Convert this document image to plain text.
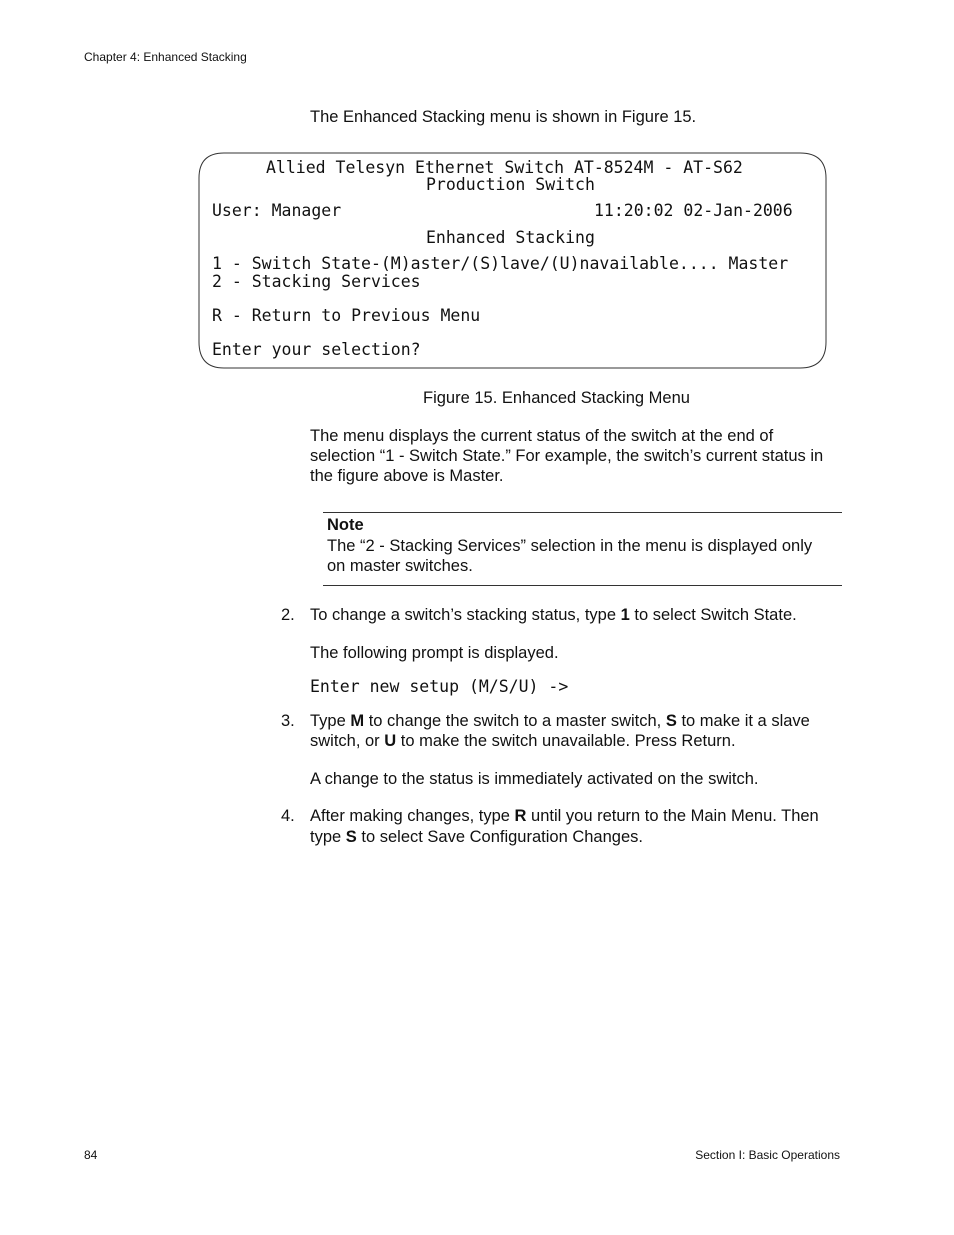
Chapter 4: Enhanced Stacking
The Enhanced Stacking menu is shown in Figure 15.
Allied Telesyn Ethernet Switch AT-8524M - AT-S62
Production Switch
User: Manager	11:20:02 02-Jan-2006
Enhanced Stacking
1 - Switch State-(M)aster/(S)lave/(U)navailable.... Master
2 - Stacking Services
R - Return to Previous Menu
Enter your selection?
Figure 15. Enhanced Stacking Menu
The menu displays the current status of the switch at the end of
selection “1 - Switch State.” For example, the switch’s current status in
the figure above is Master.
Note
The “2 - Stacking Services” selection in the menu is displayed only
on master switches.
2. To change a switch’s stacking status, type 1 to select Switch State.
The following prompt is displayed.
Enter new setup (M/S/U) ->
3. Type M to change the switch to a master switch, S to make it a slave
switch, or U to make the switch unavailable. Press Return.
A change to the status is immediately activated on the switch.
4. After making changes, type R until you return to the Main Menu. Then
type S to select Save Configuration Changes.
84	Section I: Basic Operations
